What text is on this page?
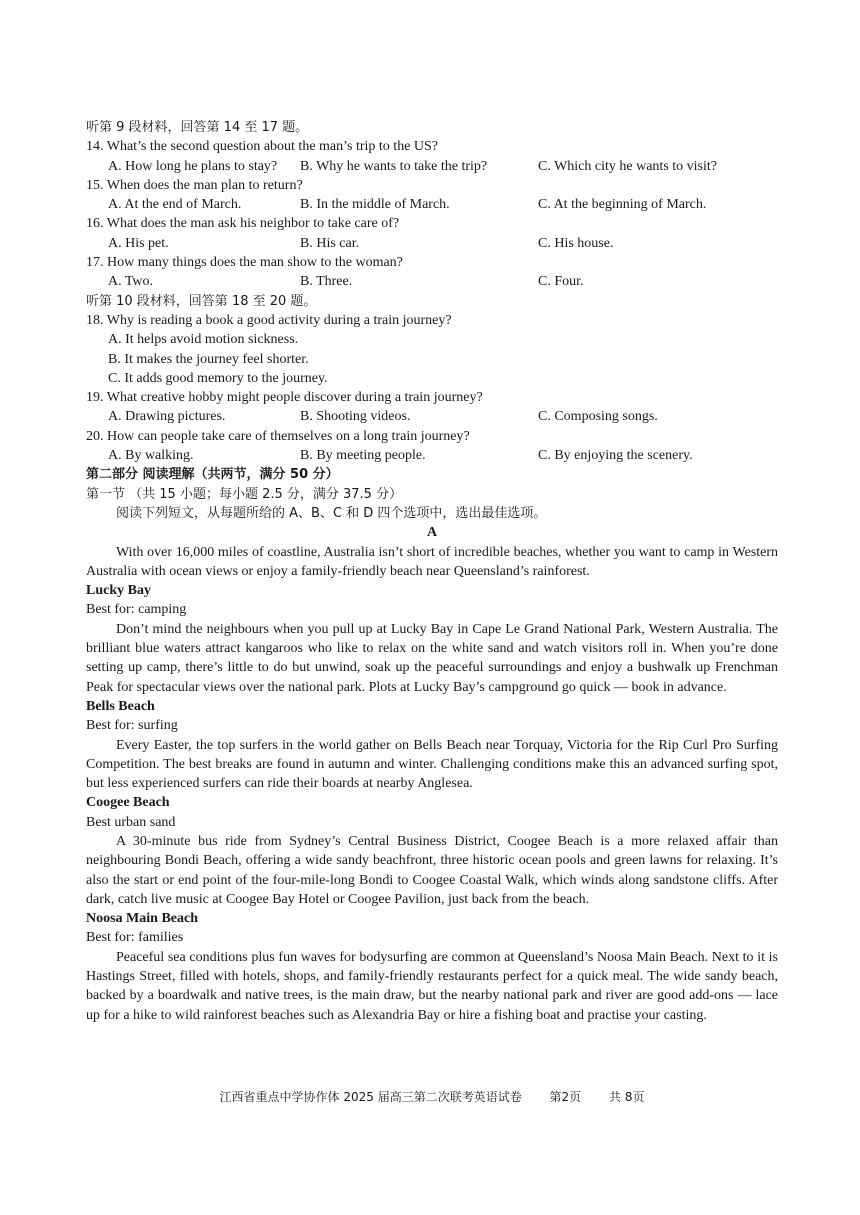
听第 9 段材料，回答第 14 至 17 题。
14. What’s the second question about the man’s trip to the US?
A. How long he plans to stay?	B. Why he wants to take the trip?	C. Which city he wants to visit?
15. When does the man plan to return?
A. At the end of March.	B. In the middle of March.	C. At the beginning of March.
16. What does the man ask his neighbor to take care of?
A. His pet.	B. His car.	C. His house.
17. How many things does the man show to the woman?
A. Two.	B. Three.	C. Four.
听第 10 段材料，回答第 18 至 20 题。
18. Why is reading a book a good activity during a train journey?
A. It helps avoid motion sickness.
B. It makes the journey feel shorter.
C. It adds good memory to the journey.
19. What creative hobby might people discover during a train journey?
A. Drawing pictures.	B. Shooting videos.	C. Composing songs.
20. How can people take care of themselves on a long train journey?
A. By walking.	B. By meeting people.	C. By enjoying the scenery.
第二部分 阅读理解（共两节，满分 50 分）
第一节 （共 15 小题；每小题 2.5 分，满分 37.5 分）
阅读下列短文，从每题所给的 A、B、C 和 D 四个选项中，选出最佳选项。
A
With over 16,000 miles of coastline, Australia isn’t short of incredible beaches, whether you want to camp in Western Australia with ocean views or enjoy a family-friendly beach near Queensland’s rainforest.
Lucky Bay
Best for: camping
Don’t mind the neighbours when you pull up at Lucky Bay in Cape Le Grand National Park, Western Australia. The brilliant blue waters attract kangaroos who like to relax on the white sand and watch visitors roll in. When you’re done setting up camp, there’s little to do but unwind, soak up the peaceful surroundings and enjoy a bushwalk up Frenchman Peak for spectacular views over the national park. Plots at Lucky Bay’s campground go quick — book in advance.
Bells Beach
Best for: surfing
Every Easter, the top surfers in the world gather on Bells Beach near Torquay, Victoria for the Rip Curl Pro Surfing Competition. The best breaks are found in autumn and winter. Challenging conditions make this an advanced surfing spot, but less experienced surfers can ride their boards at nearby Anglesea.
Coogee Beach
Best urban sand
A 30-minute bus ride from Sydney’s Central Business District, Coogee Beach is a more relaxed affair than neighbouring Bondi Beach, offering a wide sandy beachfront, three historic ocean pools and green lawns for relaxing. It’s also the start or end point of the four-mile-long Bondi to Coogee Coastal Walk, which winds along sandstone cliffs. After dark, catch live music at Coogee Bay Hotel or Coogee Pavilion, just back from the beach.
Noosa Main Beach
Best for: families
Peaceful sea conditions plus fun waves for bodysurfing are common at Queensland’s Noosa Main Beach. Next to it is Hastings Street, filled with hotels, shops, and family-friendly restaurants perfect for a quick meal. The wide sandy beach, backed by a boardwalk and native trees, is the main draw, but the nearby national park and river are good add-ons — lace up for a hike to wild rainforest beaches such as Alexandria Bay or hire a fishing boat and practise your casting.
江西省重点中学协作体 2025 届高三第二次联考英语试卷 第2页 共 8页
